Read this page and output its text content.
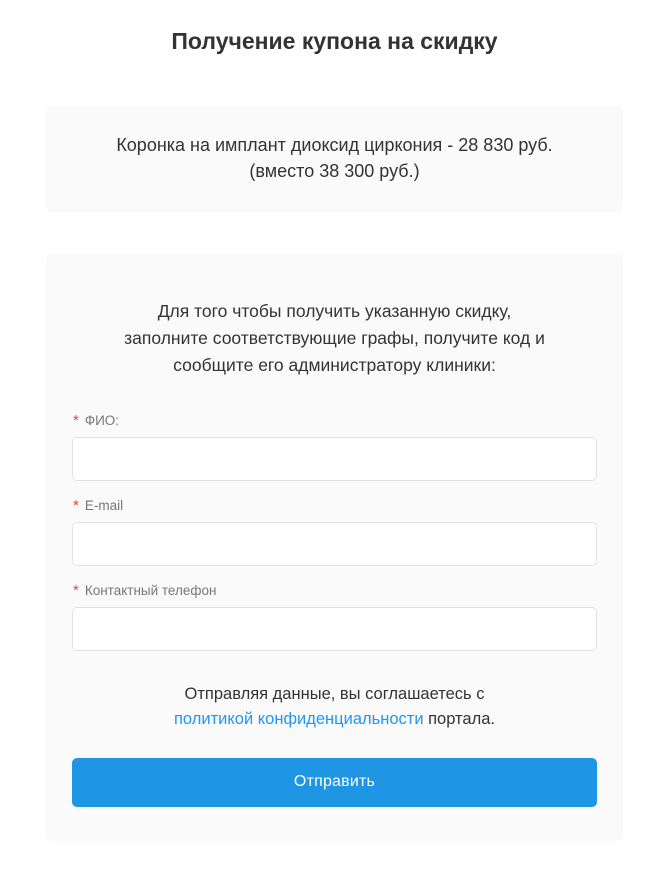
Получение купона на скидку
Коронка на имплант диоксид циркония - 28 830 руб.
(вместо 38 300 руб.)

Для того чтобы получить указанную скидку,
заполните соответствующие графы, получите код и
сообщите его администратору клиники:

* ФИО:
* E-mail
* Контактный телефон

Отправляя данные, вы соглашаетесь с
политикой конфиденциальности портала.

Отправить
